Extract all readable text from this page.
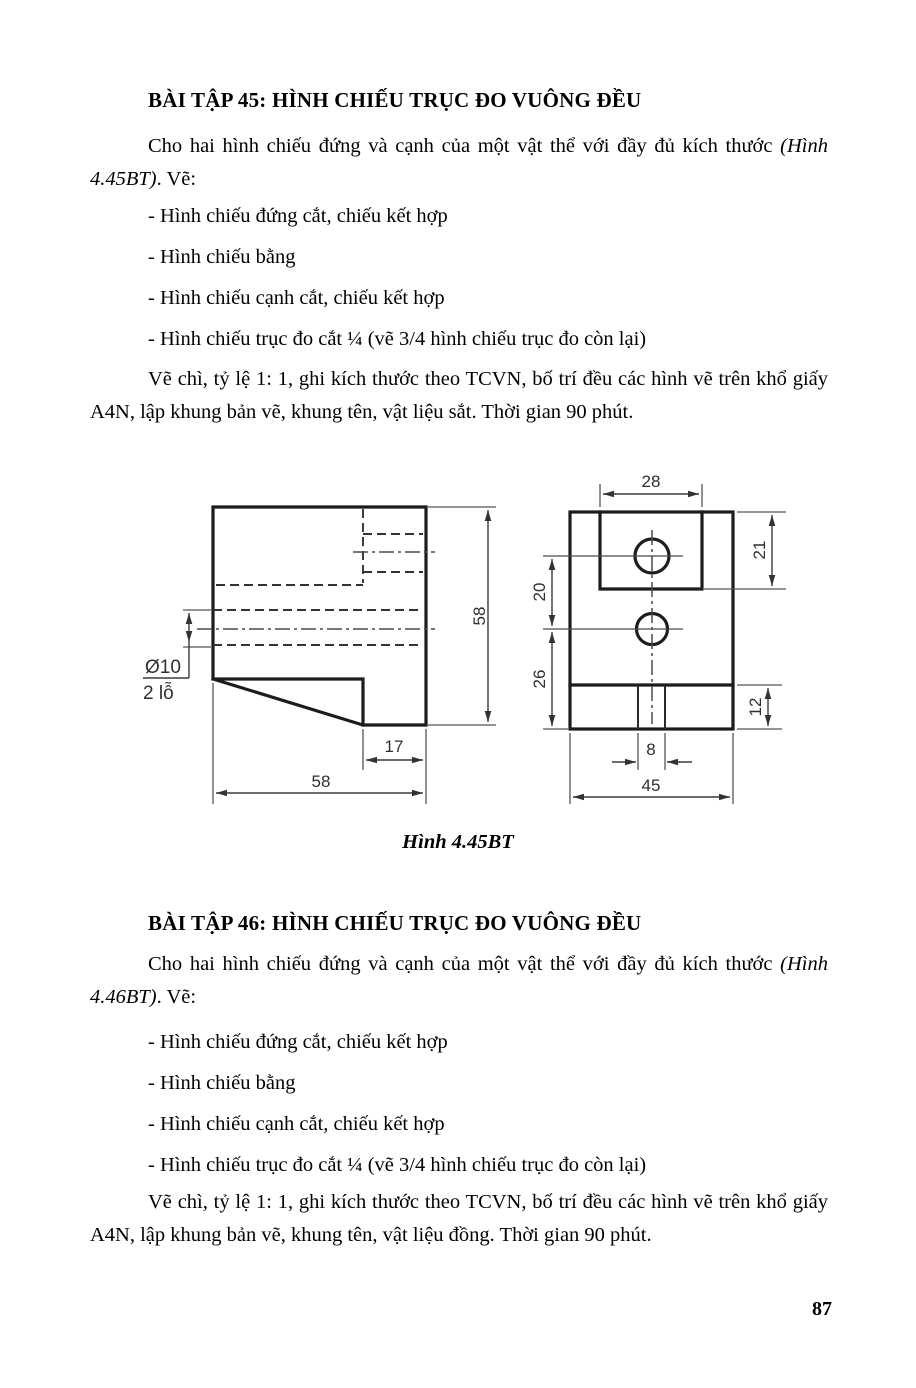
BÀI TẬP 45: HÌNH CHIẾU TRỤC ĐO VUÔNG ĐỀU
Cho hai hình chiếu đứng và cạnh của một vật thể với đầy đủ kích thước (Hình 4.45BT). Vẽ:
- Hình chiếu đứng cắt, chiếu kết hợp
- Hình chiếu bằng
- Hình chiếu cạnh cắt, chiếu kết hợp
- Hình chiếu trục đo cắt ¼ (vẽ 3/4 hình chiếu trục đo còn lại)
Vẽ chì, tỷ lệ 1: 1, ghi kích thước theo TCVN, bố trí đều các hình vẽ trên khổ giấy A4N, lập khung bản vẽ, khung tên, vật liệu sắt. Thời gian 90 phút.
58
17
58
Ø10
2 lỗ
28
21
20
26
12
8
45
Hình 4.45BT
BÀI TẬP 46: HÌNH CHIẾU TRỤC ĐO VUÔNG ĐỀU
Cho hai hình chiếu đứng và cạnh của một vật thể với đầy đủ kích thước (Hình 4.46BT). Vẽ:
- Hình chiếu đứng cắt, chiếu kết hợp
- Hình chiếu bằng
- Hình chiếu cạnh cắt, chiếu kết hợp
- Hình chiếu trục đo cắt ¼ (vẽ 3/4 hình chiếu trục đo còn lại)
Vẽ chì, tỷ lệ 1: 1, ghi kích thước theo TCVN, bố trí đều các hình vẽ trên khổ giấy A4N, lập khung bản vẽ, khung tên, vật liệu đồng. Thời gian 90 phút.
87
